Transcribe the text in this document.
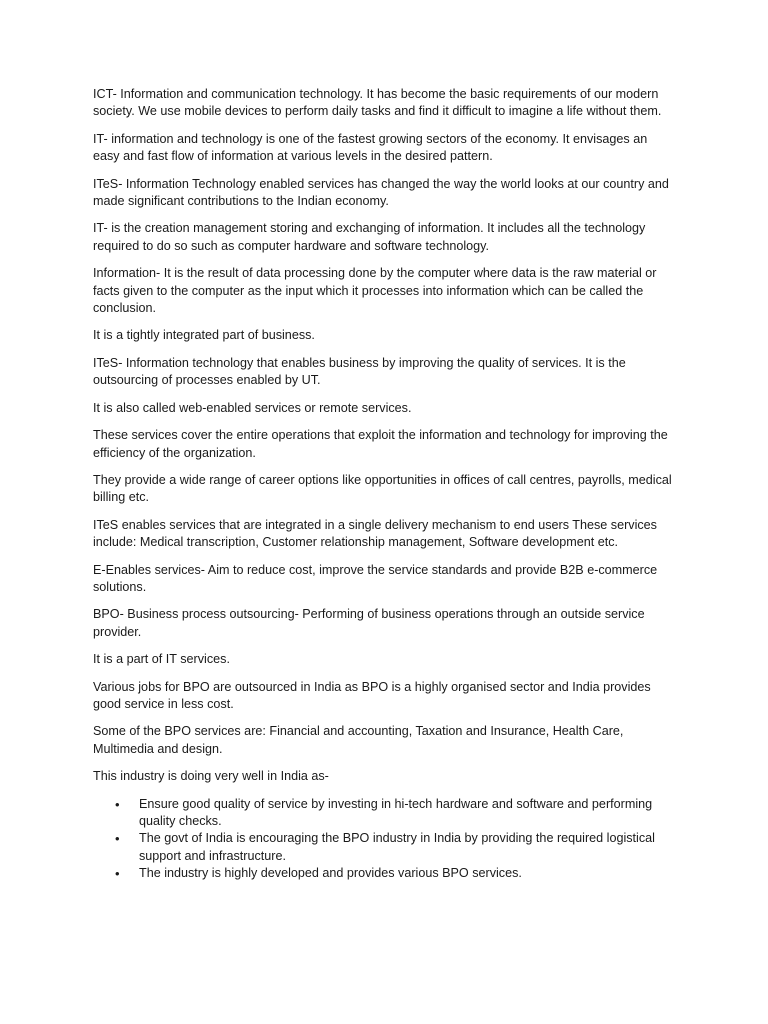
ICT- Information and communication technology. It has become the basic requirements of our modern society. We use mobile devices to perform daily tasks and find it difficult to imagine a life without them.

IT- information and technology is one of the fastest growing sectors of the economy. It envisages an easy and fast flow of information at various levels in the desired pattern.

ITeS- Information Technology enabled services has changed the way the world looks at our country and made significant contributions to the Indian economy.

IT- is the creation management storing and exchanging of information. It includes all the technology required to do so such as computer hardware and software technology.

Information- It is the result of data processing done by the computer where data is the raw material or facts given to the computer as the input which it processes into information which can be called the conclusion.

It is a tightly integrated part of business.

ITeS- Information technology that enables business by improving the quality of services. It is the outsourcing of processes enabled by UT.

It is also called web-enabled services or remote services.

These services cover the entire operations that exploit the information and technology for improving the efficiency of the organization.

They provide a wide range of career options like opportunities in offices of call centres, payrolls, medical billing etc.

ITeS enables services that are integrated in a single delivery mechanism to end users These services include: Medical transcription, Customer relationship management, Software development etc.

E-Enables services- Aim to reduce cost, improve the service standards and provide B2B e-commerce solutions.

BPO- Business process outsourcing- Performing of business operations through an outside service provider.

It is a part of IT services.

Various jobs for BPO are outsourced in India as BPO is a highly organised sector and India provides good service in less cost.

Some of the BPO services are: Financial and accounting, Taxation and Insurance, Health Care, Multimedia and design.

This industry is doing very well in India as-

• Ensure good quality of service by investing in hi-tech hardware and software and performing quality checks.
• The govt of India is encouraging the BPO industry in India by providing the required logistical support and infrastructure.
• The industry is highly developed and provides various BPO services.
